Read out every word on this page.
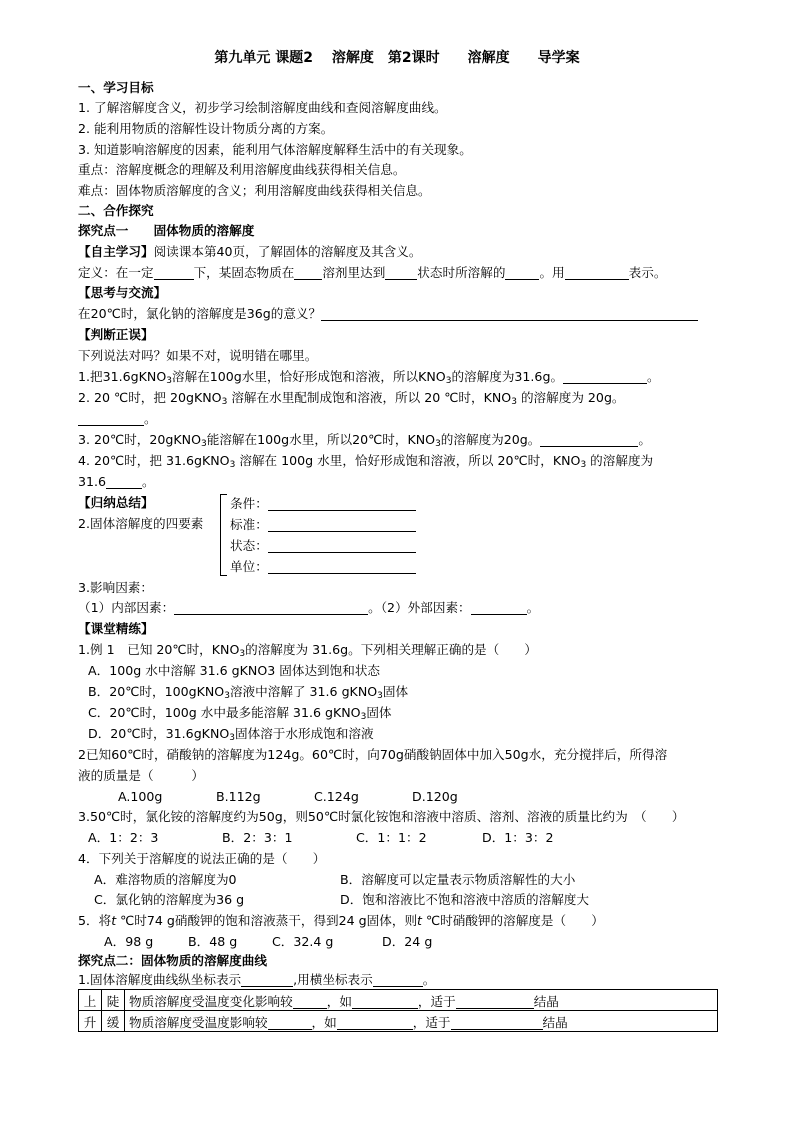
第九单元 课题2　 溶解度　第2课时　　溶解度　　导学案
一、学习目标
1. 了解溶解度含义，初步学习绘制溶解度曲线和查阅溶解度曲线。
2. 能利用物质的溶解性设计物质分离的方案。
3. 知道影响溶解度的因素，能利用气体溶解度解释生活中的有关现象。
重点：溶解度概念的理解及利用溶解度曲线获得相关信息。
难点：固体物质溶解度的含义；利用溶解度曲线获得相关信息。
二、合作探究
探究点一　　固体物质的溶解度
【自主学习】阅读课本第40页，了解固体的溶解度及其含义。
定义：在一定	下，某固态物质在 溶剂里达到	状态时所溶解的	。用	表示。
【思考与交流】
在20℃时，氯化钠的溶解度是36g的意义？
【判断正误】
下列说法对吗？如果不对，说明错在哪里。
1.把31.6gKNO$_3$溶解在100g水里，恰好形成饱和溶液，所以$KNO_3$的溶解度为31.6g。	。
2. 20 ℃时，把 20gKNO$_3$ 溶解在水里配制成饱和溶液，所以 20 ℃时，$KNO_3$ 的溶解度为 20g。
。
3. 20℃时，20gKNO$_3$能溶解在100g水里，所以20℃时，$KNO_3$的溶解度为20g。	。
4. 20℃时，把 31.6gKNO$_3$ 溶解在 100g 水里，恰好形成饱和溶液，所以 20℃时，$KNO_3$ 的溶解度为
31.6	。
【归纳总结】
2.固体溶解度的四要素
条件：
标准：
状态：
单位：
3.影响因素：
（1）内部因素：	。（2）外部因素：	。
【课堂精练】
1.例 1　已知 20℃时，$KNO_3$的溶解度为 31.6g。下列相关理解正确的是（　　）
A．100g 水中溶解 31.6 gKNO3 固体达到饱和状态
B．20℃时，100gKNO$_3$溶液中溶解了 31.6 gKNO$_3$固体
C．20℃时，100g 水中最多能溶解 31.6 gKNO$_3$固体
D．20℃时，31.6gKNO$_3$固体溶于水形成饱和溶液
2已知60℃时，硝酸钠的溶解度为124g。60℃时，向70g硝酸钠固体中加入50g水，充分搅拌后，所得溶
液的质量是（　　　）
A.100g	B.112g	C.124g	D.120g
3.50℃时，氯化铵的溶解度约为50g，则50℃时氯化铵饱和溶液中溶质、溶剂、溶液的质量比约为　（　　）
A．1：2：3	B．2：3：1	C．1：1：2	D．1：3：2
4．下列关于溶解度的说法正确的是（　　）
A．难溶物质的溶解度为0	B．溶解度可以定量表示物质溶解性的大小
C．氯化钠的溶解度为36 g	D．饱和溶液比不饱和溶液中溶质的溶解度大
5．将t ℃时74 g硝酸钾的饱和溶液蒸干，得到24 g固体，则t ℃时硝酸钾的溶解度是（　　）
A．98 g	B．48 g	C．32.4 g	D．24 g
探究点二：固体物质的溶解度曲线
1.固体溶解度曲线纵坐标表示	,用横坐标表示	。
上	陡	物质溶解度受温度变化影响较 ，如 ，适于 结晶
升	缓	物质溶解度受温度影响较 ，如 ，适于 结晶
